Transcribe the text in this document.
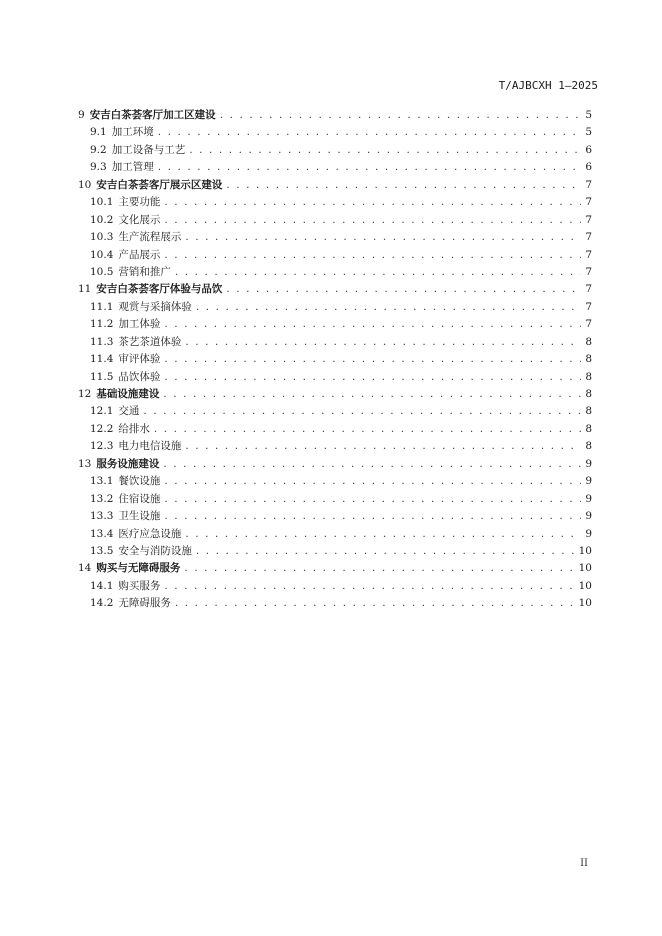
T/AJBCXH 1—2025
9 安吉白茶荟客厅加工区建设 . . .	5
9.1 加工环境 . . .	5
9.2 加工设备与工艺 . . .	6
9.3 加工管理 . . .	6
10 安吉白茶荟客厅展示区建设 . . .	7
10.1 主要功能 . . .	7
10.2 文化展示 . . .	7
10.3 生产流程展示 . . .	7
10.4 产品展示 . . .	7
10.5 营销和推广 . . .	7
11 安吉白茶荟客厅体验与品饮 . . .	7
11.1 观赏与采摘体验 . . .	7
11.2 加工体验 . . .	7
11.3 茶艺茶道体验 . . .	8
11.4 审评体验 . . .	8
11.5 品饮体验 . . .	8
12 基础设施建设 . . .	8
12.1 交通 . . .	8
12.2 给排水 . . .	8
12.3 电力电信设施 . . .	8
13 服务设施建设 . . .	9
13.1 餐饮设施 . . .	9
13.2 住宿设施 . . .	9
13.3 卫生设施 . . .	9
13.4 医疗应急设施 . . .	9
13.5 安全与消防设施 . . .	10
14 购买与无障碍服务 . . .	10
14.1 购买服务 . . .	10
14.2 无障碍服务 . . .	10
II
